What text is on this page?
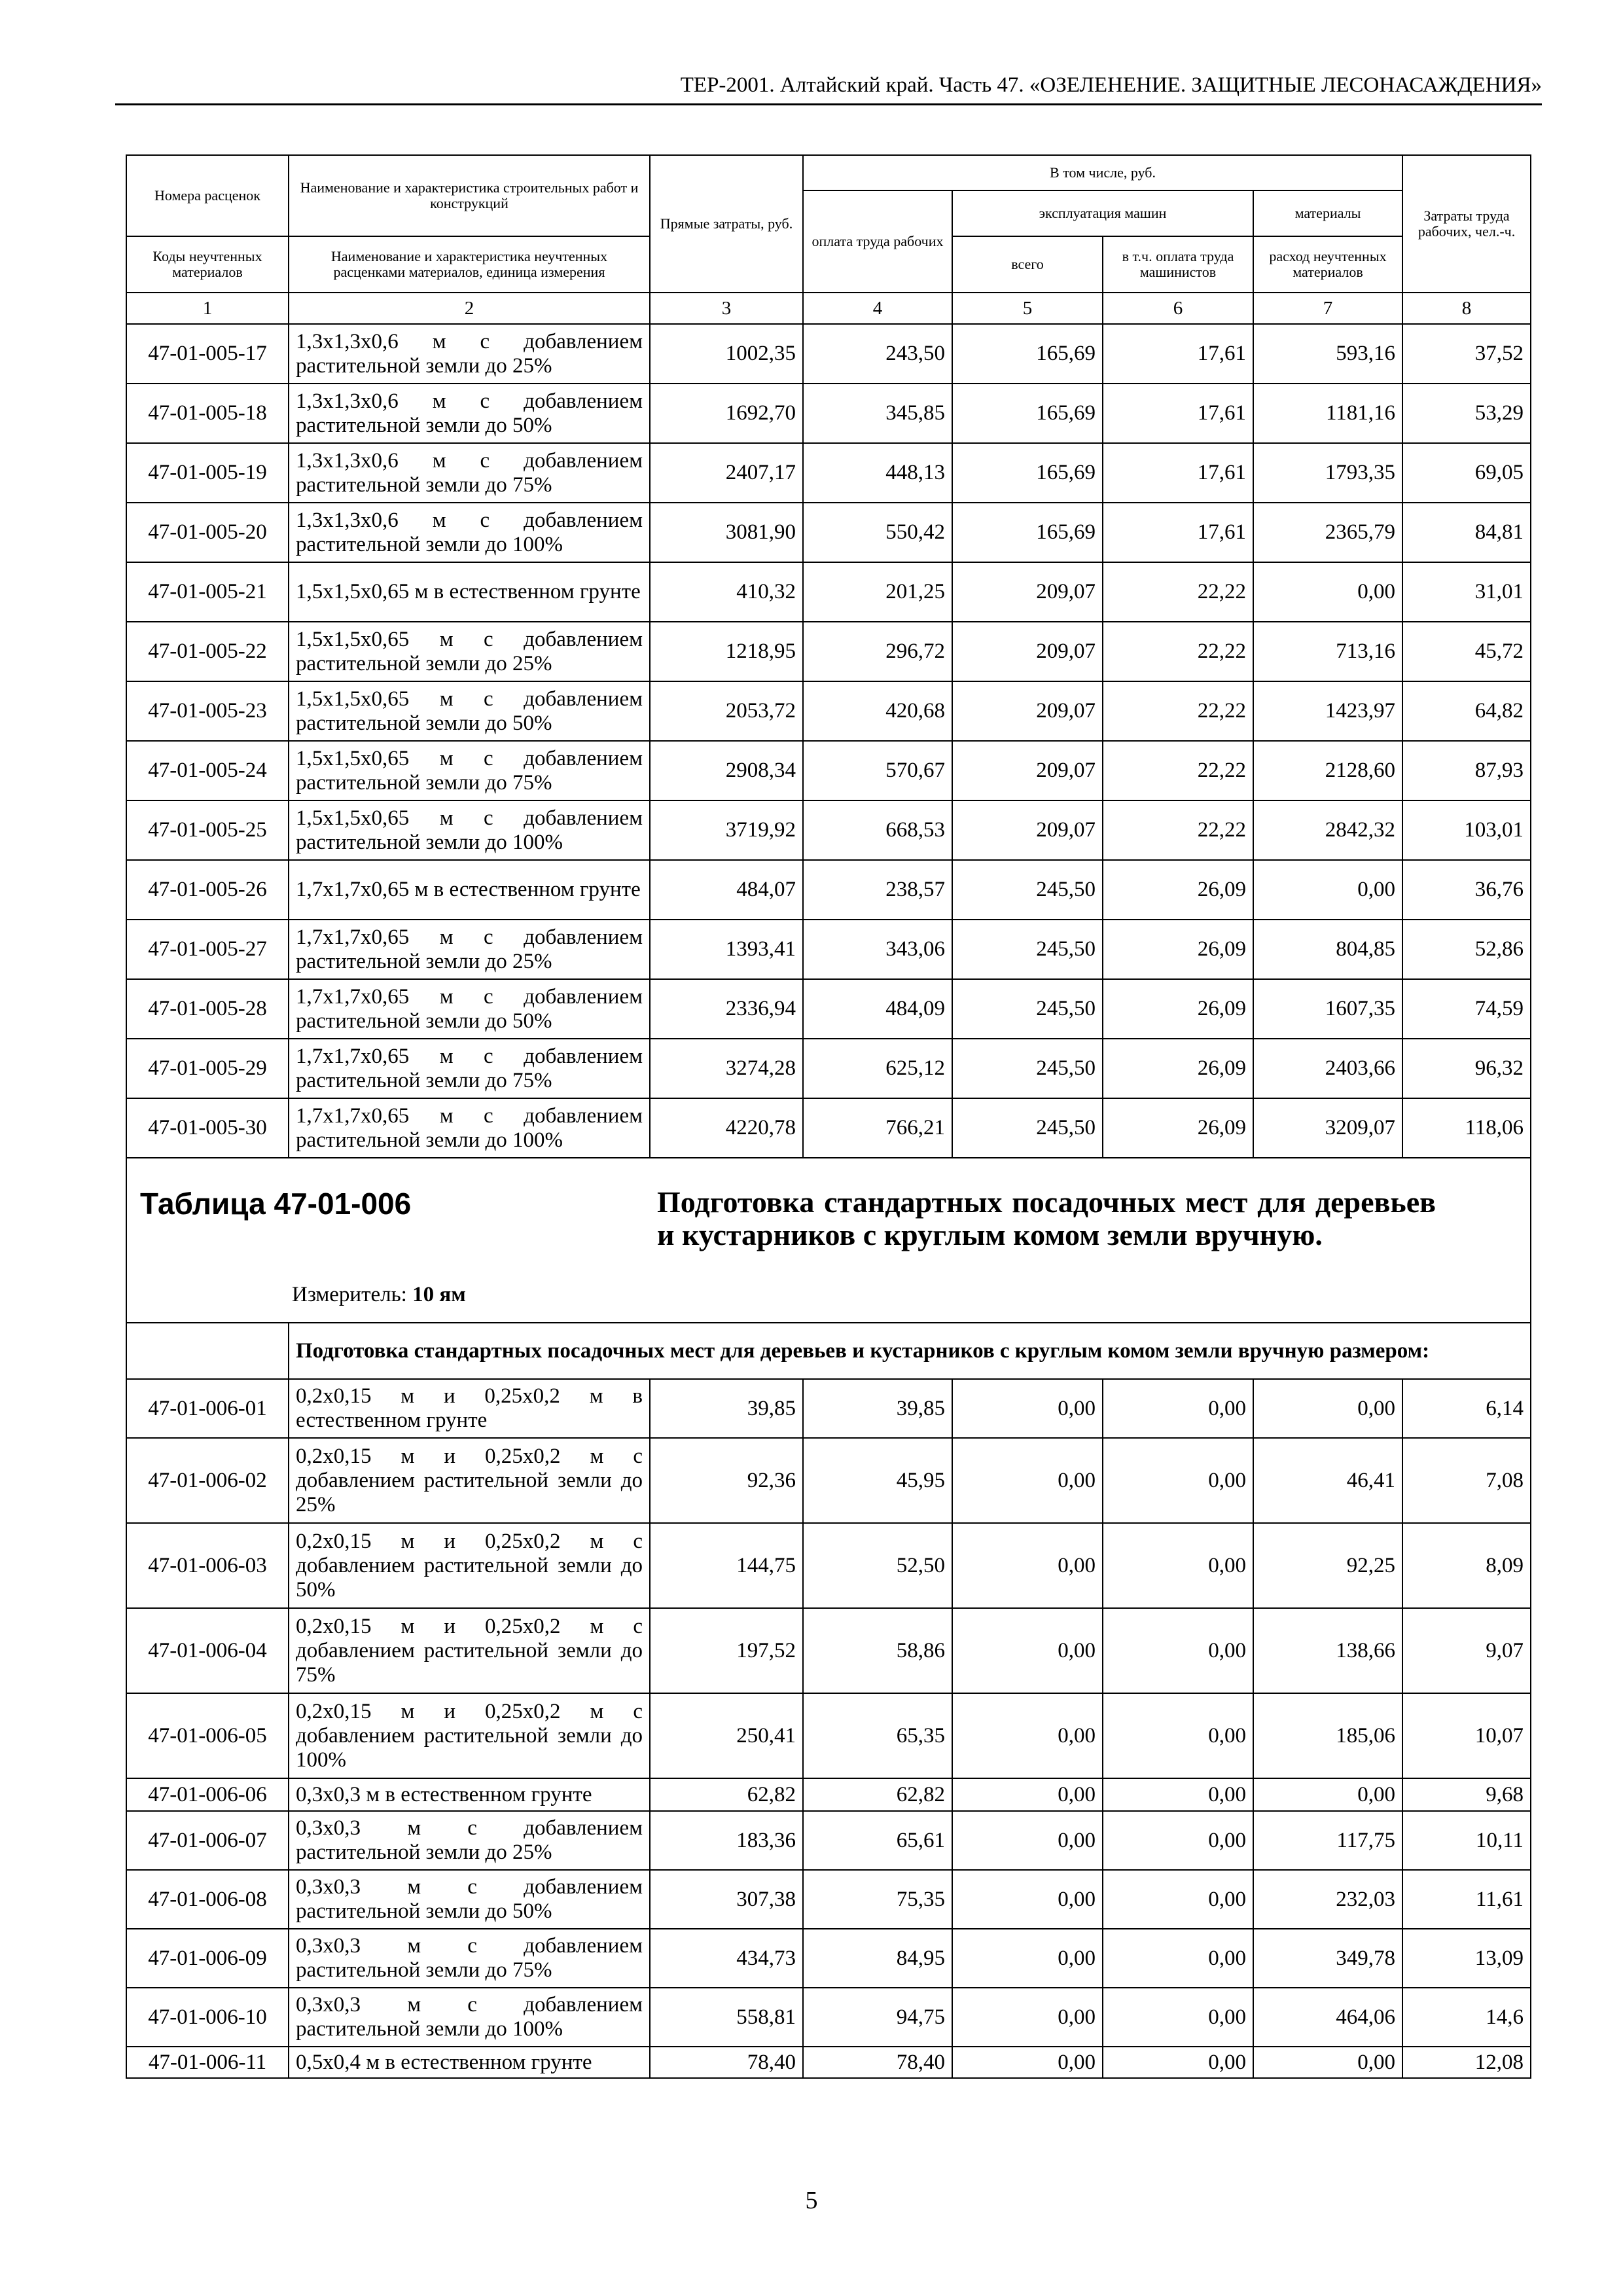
ТЕР-2001. Алтайский край. Часть 47. «ОЗЕЛЕНЕНИЕ. ЗАЩИТНЫЕ ЛЕСОНАСАЖДЕНИЯ»
Номера расценок	Наименование и характеристика строительных работ и конструкций	Прямые затраты, руб.	В том числе, руб.				Затраты труда рабочих, чел.-ч.
			оплата труда рабочих	эксплуатация машин		материалы	
Коды неучтенных материалов	Наименование и характеристика неучтенных расценками материалов, единица измерения			всего	в т.ч. оплата труда машинистов	расход неучтенных материалов	
1	2	3	4	5	6	7	8
47-01-005-17	1,3х1,3х0,6 м с добавлением растительной земли до 25%	1002,35	243,50	165,69	17,61	593,16	37,52
47-01-005-18	1,3х1,3х0,6 м с добавлением растительной земли до 50%	1692,70	345,85	165,69	17,61	1181,16	53,29
47-01-005-19	1,3х1,3х0,6 м с добавлением растительной земли до 75%	2407,17	448,13	165,69	17,61	1793,35	69,05
47-01-005-20	1,3х1,3х0,6 м с добавлением растительной земли до 100%	3081,90	550,42	165,69	17,61	2365,79	84,81
47-01-005-21	1,5х1,5х0,65 м в естественном грунте	410,32	201,25	209,07	22,22	0,00	31,01
47-01-005-22	1,5х1,5х0,65 м с добавлением растительной земли до 25%	1218,95	296,72	209,07	22,22	713,16	45,72
47-01-005-23	1,5х1,5х0,65 м с добавлением растительной земли до 50%	2053,72	420,68	209,07	22,22	1423,97	64,82
47-01-005-24	1,5х1,5х0,65 м с добавлением растительной земли до 75%	2908,34	570,67	209,07	22,22	2128,60	87,93
47-01-005-25	1,5х1,5х0,65 м с добавлением растительной земли до 100%	3719,92	668,53	209,07	22,22	2842,32	103,01
47-01-005-26	1,7х1,7х0,65 м в естественном грунте	484,07	238,57	245,50	26,09	0,00	36,76
47-01-005-27	1,7х1,7х0,65 м с добавлением растительной земли до 25%	1393,41	343,06	245,50	26,09	804,85	52,86
47-01-005-28	1,7х1,7х0,65 м с добавлением растительной земли до 50%	2336,94	484,09	245,50	26,09	1607,35	74,59
47-01-005-29	1,7х1,7х0,65 м с добавлением растительной земли до 75%	3274,28	625,12	245,50	26,09	2403,66	96,32
47-01-005-30	1,7х1,7х0,65 м с добавлением растительной земли до 100%	4220,78	766,21	245,50	26,09	3209,07	118,06

Таблица 47-01-006 Подготовка стандартных посадочных мест для деревьев и кустарников с круглым комом земли вручную.
Измеритель: 10 ям							

	Подготовка стандартных посадочных мест для деревьев и кустарников с круглым комом земли вручную размером:						
47-01-006-01	0,2х0,15 м и 0,25х0,2 м в естественном грунте	39,85	39,85	0,00	0,00	0,00	6,14
47-01-006-02	0,2х0,15 м и 0,25х0,2 м с добавлением растительной земли до 25%	92,36	45,95	0,00	0,00	46,41	7,08
47-01-006-03	0,2х0,15 м и 0,25х0,2 м с добавлением растительной земли до 50%	144,75	52,50	0,00	0,00	92,25	8,09
47-01-006-04	0,2х0,15 м и 0,25х0,2 м с добавлением растительной земли до 75%	197,52	58,86	0,00	0,00	138,66	9,07
47-01-006-05	0,2х0,15 м и 0,25х0,2 м с добавлением растительной земли до 100%	250,41	65,35	0,00	0,00	185,06	10,07
47-01-006-06	0,3х0,3 м в естественном грунте	62,82	62,82	0,00	0,00	0,00	9,68
47-01-006-07	0,3х0,3 м с добавлением растительной земли до 25%	183,36	65,61	0,00	0,00	117,75	10,11
47-01-006-08	0,3х0,3 м с добавлением растительной земли до 50%	307,38	75,35	0,00	0,00	232,03	11,61
47-01-006-09	0,3х0,3 м с добавлением растительной земли до 75%	434,73	84,95	0,00	0,00	349,78	13,09
47-01-006-10	0,3х0,3 м с добавлением растительной земли до 100%	558,81	94,75	0,00	0,00	464,06	14,6
47-01-006-11	0,5х0,4 м в естественном грунте	78,40	78,40	0,00	0,00	0,00	12,08
5
